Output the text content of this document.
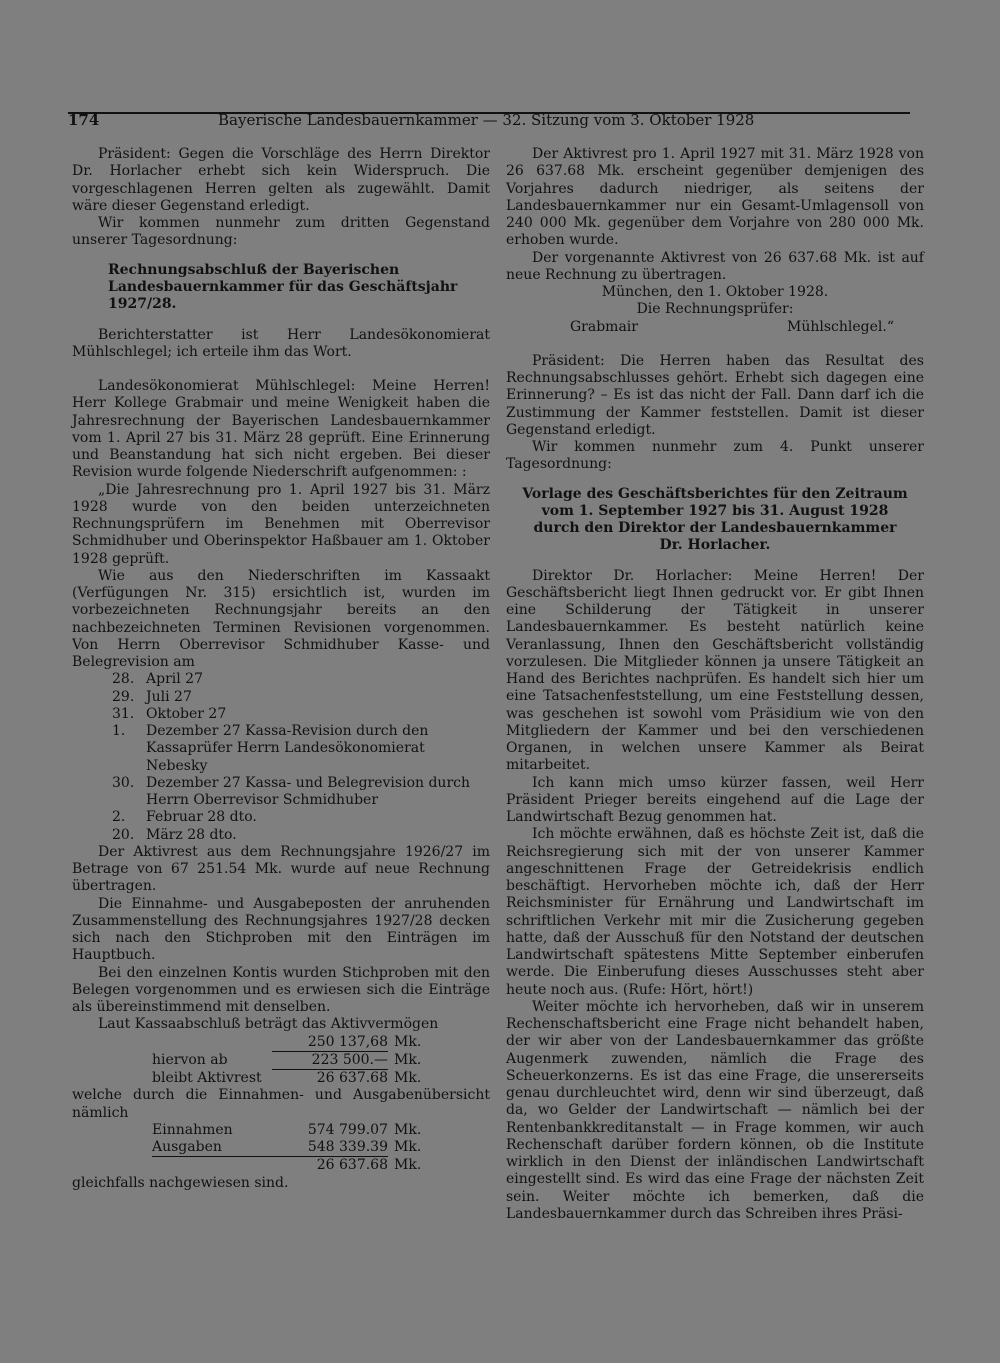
174	Bayerische Landesbauernkammer — 32. Sitzung vom 3. Oktober 1928

Präsident: Gegen die Vorschläge des Herrn Direktor Dr. Horlacher erhebt sich kein Widerspruch. Die vorgeschlagenen Herren gelten als zugewählt. Damit wäre dieser Gegenstand erledigt.

Wir kommen nunmehr zum dritten Gegenstand unserer Tagesordnung:

Rechnungsabschluß der Bayerischen Landesbauernkammer für das Geschäftsjahr 1927/28.

Berichterstatter ist Herr Landesökonomierat Mühlschlegel; ich erteile ihm das Wort.

Landesökonomierat Mühlschlegel: Meine Herren! Herr Kollege Grabmair und meine Wenigkeit haben die Jahresrechnung der Bayerischen Landesbauernkammer vom 1. April 27 bis 31. März 28 geprüft. Eine Erinnerung und Beanstandung hat sich nicht ergeben. Bei dieser Revision wurde folgende Niederschrift aufgenommen: :

„Die Jahresrechnung pro 1. April 1927 bis 31. März 1928 wurde von den beiden unterzeichneten Rechnungsprüfern im Benehmen mit Oberrevisor Schmidhuber und Oberinspektor Haßbauer am 1. Oktober 1928 geprüft.

Wie aus den Niederschriften im Kassaakt (Verfügungen Nr. 315) ersichtlich ist, wurden im vorbezeichneten Rechnungsjahr bereits an den nachbezeichneten Terminen Revisionen vorgenommen. Von Herrn Oberrevisor Schmidhuber Kasse- und Belegrevision am

28. April 27
29. Juli 27
31. Oktober 27
1.	Dezember 27 Kassa-Revision durch den Kassaprüfer Herrn Landesökonomierat Nebesky
30. Dezember 27 Kassa- und Belegrevision durch Herrn Oberrevisor Schmidhuber
2.	Februar 28 dto.
20. März 28 dto.

Der Aktivrest aus dem Rechnungsjahre 1926/27 im Betrage von 67 251.54 Mk. wurde auf neue Rechnung übertragen.

Die Einnahme- und Ausgabeposten der anruhenden Zusammenstellung des Rechnungsjahres 1927/28 decken sich nach den Stichproben mit den Einträgen im Hauptbuch.

Bei den einzelnen Kontis wurden Stichproben mit den Belegen vorgenommen und es erwiesen sich die Einträge als übereinstimmend mit denselben.

Laut Kassaabschluß beträgt das Aktivvermögen

250 137,68 Mk.
hiervon ab	223 500.— Mk.
bleibt Aktivrest	26 637.68 Mk.

welche durch die Einnahmen- und Ausgabenübersicht nämlich

Einnahmen	574 799.07 Mk.
Ausgaben	548 339.39 Mk.
26 637.68 Mk.

gleichfalls nachgewiesen sind.

Der Aktivrest pro 1. April 1927 mit 31. März 1928 von 26 637.68 Mk. erscheint gegenüber demjenigen des Vorjahres dadurch niedriger, als seitens der Landesbauernkammer nur ein Gesamt-Umlagensoll von 240 000 Mk. gegenüber dem Vorjahre von 280 000 Mk. erhoben wurde.

Der vorgenannte Aktivrest von 26 637.68 Mk. ist auf neue Rechnung zu übertragen.

München, den 1. Oktober 1928.

Die Rechnungsprüfer:

Grabmair	Mühlschlegel.“

Präsident: Die Herren haben das Resultat des Rechnungsabschlusses gehört. Erhebt sich dagegen eine Erinnerung? – Es ist das nicht der Fall. Dann darf ich die Zustimmung der Kammer feststellen. Damit ist dieser Gegenstand erledigt.

Wir kommen nunmehr zum 4. Punkt unserer Tagesordnung:

Vorlage des Geschäftsberichtes für den Zeitraum vom 1. September 1927 bis 31. August 1928 durch den Direktor der Landesbauernkammer Dr. Horlacher.

Direktor Dr. Horlacher: Meine Herren! Der Geschäftsbericht liegt Ihnen gedruckt vor. Er gibt Ihnen eine Schilderung der Tätigkeit in unserer Landesbauernkammer. Es besteht natürlich keine Veranlassung, Ihnen den Geschäftsbericht vollständig vorzulesen. Die Mitglieder können ja unsere Tätigkeit an Hand des Berichtes nachprüfen. Es handelt sich hier um eine Tatsachenfeststellung, um eine Feststellung dessen, was geschehen ist sowohl vom Präsidium wie von den Mitgliedern der Kammer und bei den verschiedenen Organen, in welchen unsere Kammer als Beirat mitarbeitet.

Ich kann mich umso kürzer fassen, weil Herr Präsident Prieger bereits eingehend auf die Lage der Landwirtschaft Bezug genommen hat.

Ich möchte erwähnen, daß es höchste Zeit ist, daß die Reichsregierung sich mit der von unserer Kammer angeschnittenen Frage der Getreidekrisis endlich beschäftigt. Hervorheben möchte ich, daß der Herr Reichsminister für Ernährung und Landwirtschaft im schriftlichen Verkehr mit mir die Zusicherung gegeben hatte, daß der Ausschuß für den Notstand der deutschen Landwirtschaft spätestens Mitte September einberufen werde. Die Einberufung dieses Ausschusses steht aber heute noch aus. (Rufe: Hört, hört!)

Weiter möchte ich hervorheben, daß wir in unserem Rechenschaftsbericht eine Frage nicht behandelt haben, der wir aber von der Landesbauernkammer das größte Augenmerk zuwenden, nämlich die Frage des Scheuerkonzerns. Es ist das eine Frage, die unsererseits genau durchleuchtet wird, denn wir sind überzeugt, daß da, wo Gelder der Landwirtschaft — nämlich bei der Rentenbankkreditanstalt — in Frage kommen, wir auch Rechenschaft darüber fordern können, ob die Institute wirklich in den Dienst der inländischen Landwirtschaft eingestellt sind. Es wird das eine Frage der nächsten Zeit sein. Weiter möchte ich bemerken, daß die Landesbauernkammer durch das Schreiben ihres Präsi-
